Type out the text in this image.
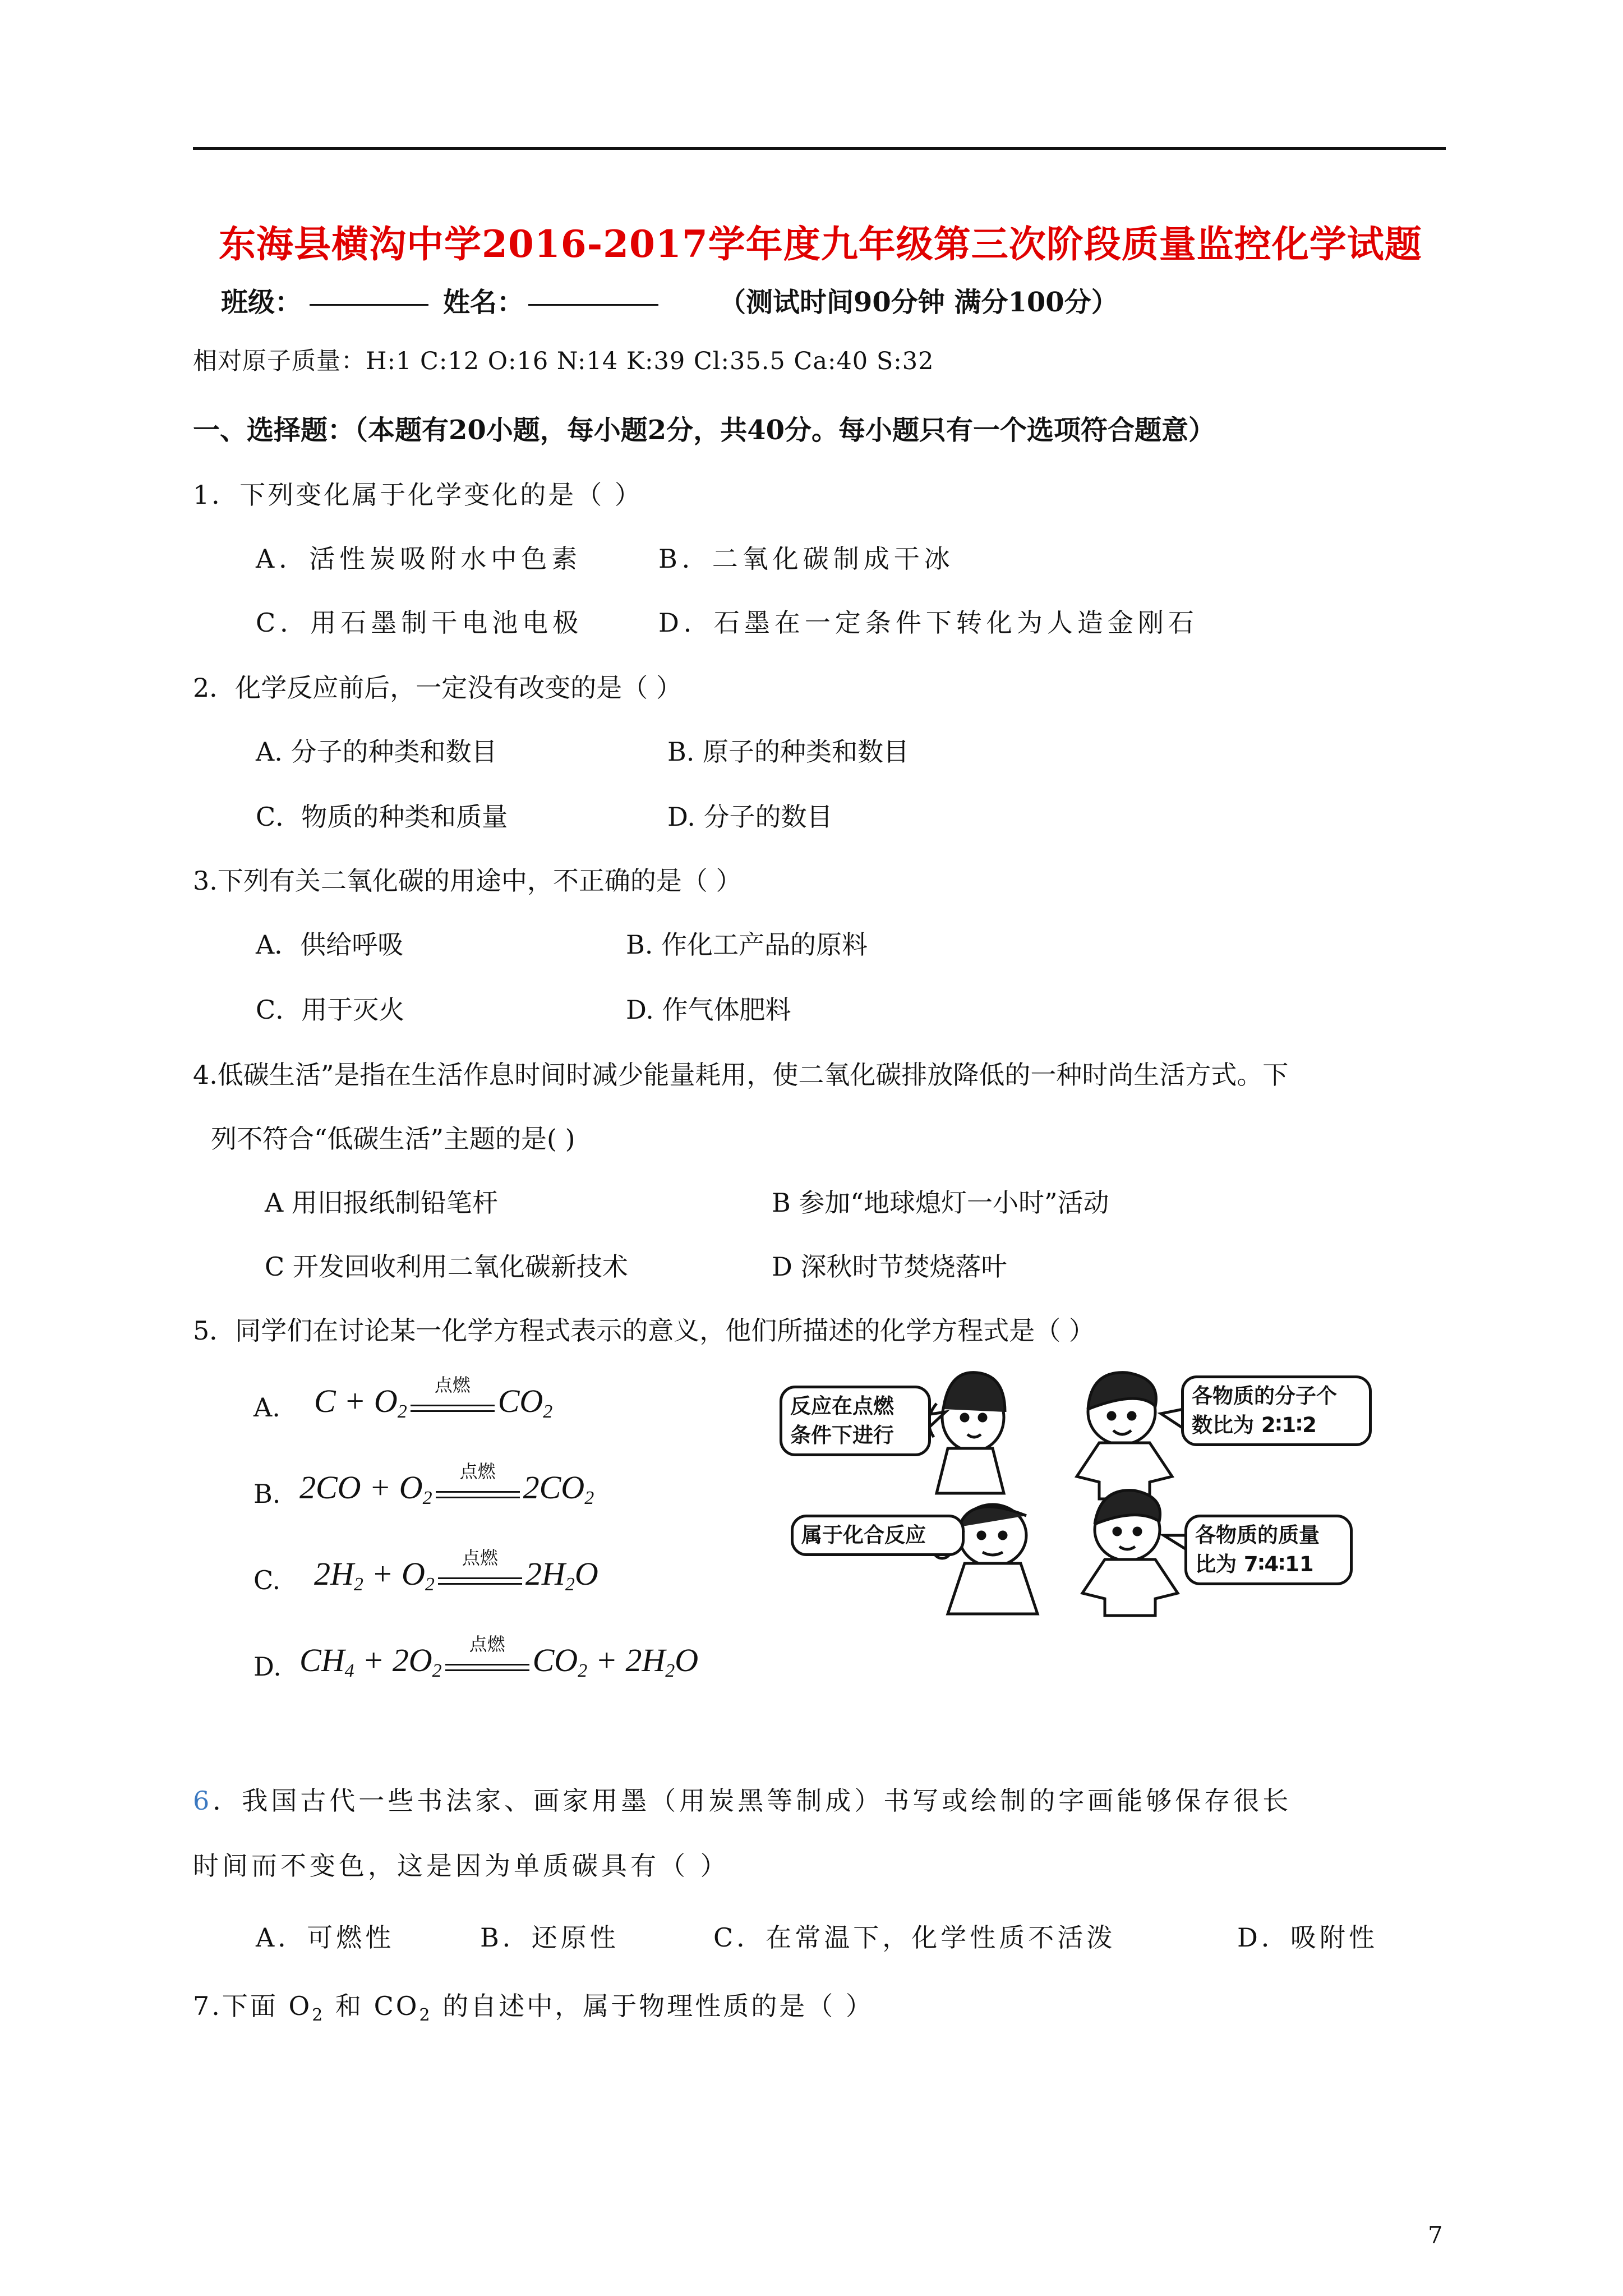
东海县横沟中学2016-2017学年度九年级第三次阶段质量监控化学试题
班级：	姓名：	（测试时间90分钟 满分100分）
相对原子质量：H:1 C:12 O:16 N:14 K:39 Cl:35.5 Ca:40 S:32
一、选择题：（本题有20小题，每小题2分，共40分。每小题只有一个选项符合题意）
1．下列变化属于化学变化的是（ ）
A．活性炭吸附水中色素	B．二氧化碳制成干冰
C．用石墨制干电池电极	D．石墨在一定条件下转化为人造金刚石
2．化学反应前后，一定没有改变的是（ ）
A. 分子的种类和数目	B. 原子的种类和数目
C．物质的种类和质量	D. 分子的数目
3.下列有关二氧化碳的用途中，不正确的是（ ）
A．供给呼吸	B. 作化工产品的原料
C．用于灭火	D. 作气体肥料
4.低碳生活”是指在生活作息时间时减少能量耗用，使二氧化碳排放降低的一种时尚生活方式。下
列不符合“低碳生活”主题的是( )
A 用旧报纸制铅笔杆	B 参加“地球熄灯一小时”活动
C 开发回收利用二氧化碳新技术	D 深秋时节焚烧落叶
5．同学们在讨论某一化学方程式表示的意义，他们所描述的化学方程式是（ ）
A. $C + O_2$
点燃 $CO_2$
B. $2CO + O_2$
点燃 $2CO_2$
C. $2H_2 + O_2$
点燃 $2H_2O$
D. $CH_4 + 2O_2$
点燃 $CO_2 + 2H_2O$
反应在点燃
条件下进行
各物质的分子个
数比为 2∶1∶2
属于化合反应	各物质的质量
比为 7∶4∶11
6．我国古代一些书法家、画家用墨（用炭黑等制成）书写或绘制的字画能够保存很长
时间而不变色，这是因为单质碳具有（ ）
A．可燃性	B．还原性	C．在常温下，化学性质不活泼	D．吸附性
7.下面 $O_2$ 和 $CO_2$ 的自述中，属于物理性质的是（ ）
7
